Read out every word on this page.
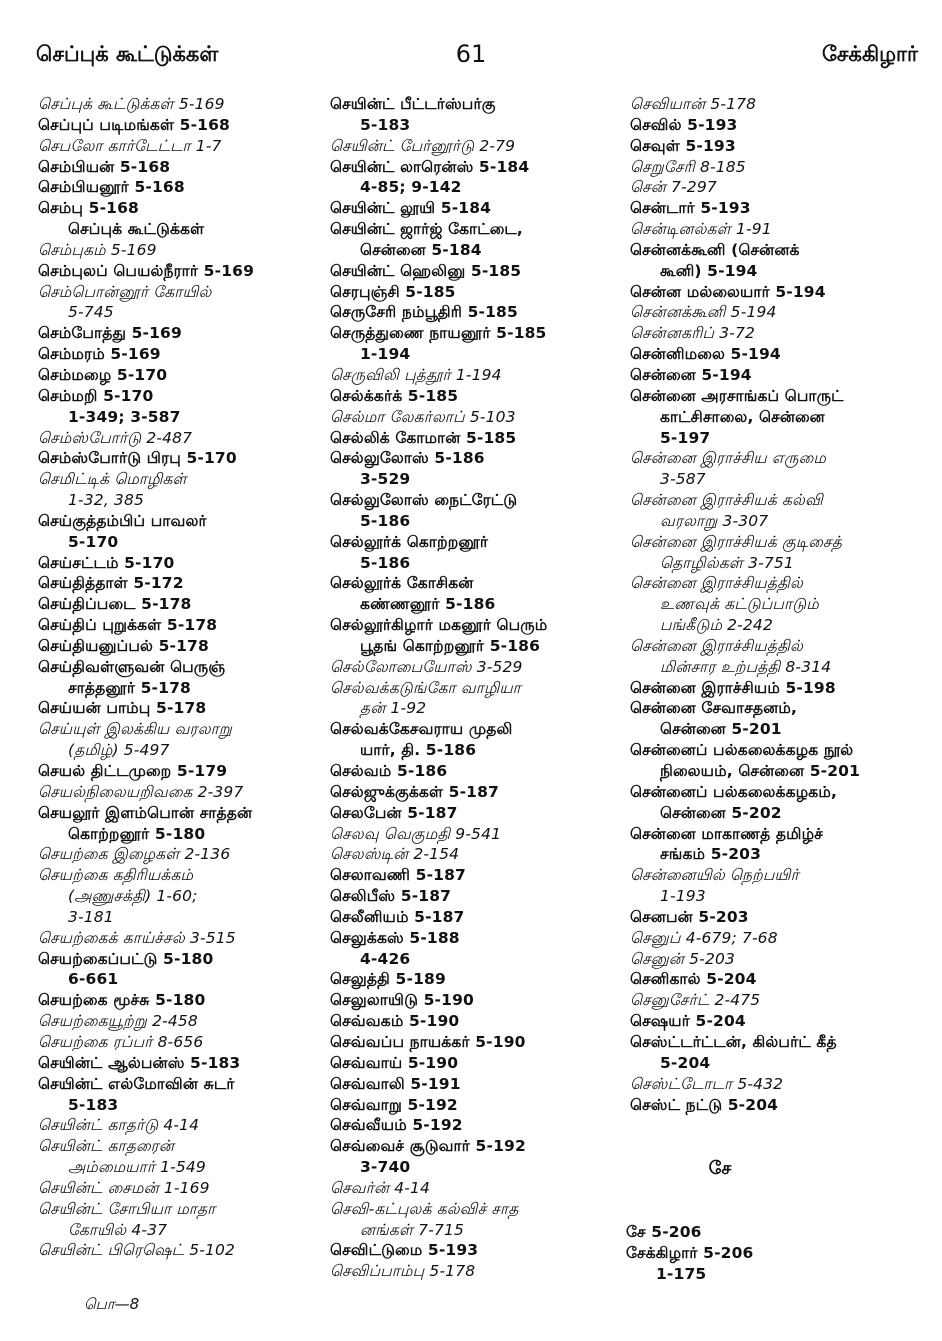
செப்புக் கூட்டுக்கள்	61	சேக்கிழார்
செப்புக் கூட்டுக்கள் 5-169
செப்புப் படிமங்கள் 5-168
செபலோ கார்டேட்டா 1-7
செம்பியன் 5-168
செம்பியனூர் 5-168
செம்பு 5-168
செப்புக் கூட்டுக்கள்
செம்புகம் 5-169
செம்புலப் பெயல்நீரார் 5-169
செம்பொன்னூர் கோயில்
5-745
செம்போத்து 5-169
செம்மரம் 5-169
செம்மழை 5-170
செம்மறி 5-170
1-349; 3-587
செம்ஸ்போர்டு 2-487
செம்ஸ்போர்டு பிரபு 5-170
செமிட்டிக் மொழிகள்
1-32, 385
செய்குத்தம்பிப் பாவலர்
5-170
செய்சட்டம் 5-170
செய்தித்தாள் 5-172
செய்திப்படை 5-178
செய்திப் புறுக்கள் 5-178
செய்தியனுப்பல் 5-178
செய்திவள்ளுவன் பெருஞ்
சாத்தனூர் 5-178
செய்யன் பாம்பு 5-178
செய்யுள் இலக்கிய வரலாறு
(தமிழ்) 5-497
செயல் திட்டமுறை 5-179
செயல்நிலையறிவகை 2-397
செயலூர் இளம்பொன் சாத்தன்
கொற்றனூர் 5-180
செயற்கை இழைகள் 2-136
செயற்கை கதிரியக்கம்
(அணுசக்தி) 1-60;
3-181
செயற்கைக் காய்ச்சல் 3-515
செயற்கைப்பட்டு 5-180
6-661
செயற்கை மூச்சு 5-180
செயற்கையூற்று 2-458
செயற்கை ரப்பர் 8-656
செயின்ட் ஆல்பன்ஸ் 5-183
செயின்ட் எல்மோவின் சுடர்
5-183
செயின்ட் காதர்டு 4-14
செயின்ட் காதரைன்
அம்மையார் 1-549
செயின்ட் சைமன் 1-169
செயின்ட் சோபியா மாதா
கோயில் 4-37
செயின்ட் பிரெஷெட் 5-102
செயின்ட் பீட்டர்ஸ்பர்கு
5-183
செயின்ட் பேர்னூர்டு 2-79
செயின்ட் லாரென்ஸ் 5-184
4-85; 9-142
செயின்ட் லூயி 5-184
செயின்ட் ஜார்ஜ் கோட்டை,
சென்னை 5-184
செயின்ட் ஹெலினு 5-185
செரபுஞ்சி 5-185
செருசேரி நம்பூதிரி 5-185
செருத்துணை நாயனூர் 5-185
1-194
செருவிலி புத்தூர் 1-194
செல்க்கர்க் 5-185
செல்மா லேகர்லாப் 5-103
செல்லிக் கோமான் 5-185
செல்லுலோஸ் 5-186
3-529
செல்லுலோஸ் நைட்ரேட்டு
5-186
செல்லூர்க் கொற்றனூர்
5-186
செல்லூர்க் கோசிகன்
கண்ணனூர் 5-186
செல்லூர்கிழார் மகனூர் பெரும்
பூதங் கொற்றனூர் 5-186
செல்லோபையோஸ் 3-529
செல்வக்கடுங்கோ வாழியா
தன் 1-92
செல்வக்கேசவராய முதலி
யார், தி. 5-186
செல்வம் 5-186
செல்ஜுக்குக்கள் 5-187
செலபேன் 5-187
செலவு வெகுமதி 9-541
செலஸ்டின் 2-154
செலாவணி 5-187
செலிபீஸ் 5-187
செலீனியம் 5-187
செலுக்கஸ் 5-188
4-426
செலுத்தி 5-189
செலுலாயிடு 5-190
செவ்வகம் 5-190
செவ்வப்ப நாயக்கர் 5-190
செவ்வாய் 5-190
செவ்வாலி 5-191
செவ்வாறு 5-192
செவ்வீயம் 5-192
செவ்வைச் சூடுவார் 5-192
3-740
செவர்ன் 4-14
செவி-கட்புலக் கல்விச் சாத
னங்கள் 7-715
செவிட்டுமை 5-193
செவிப்பாம்பு 5-178
செவியான் 5-178
செவில் 5-193
செவுள் 5-193
செறுசேரி 8-185
சென் 7-297
சென்டார் 5-193
சென்டினல்கள் 1-91
சென்னக்கூனி (சென்னக்
கூனி) 5-194
சென்ன மல்லையார் 5-194
சென்னக்கூனி 5-194
சென்னகரிப் 3-72
சென்னிமலை 5-194
சென்னை 5-194
சென்னை அரசாங்கப் பொருட்
காட்சிசாலை, சென்னை
5-197
சென்னை இராச்சிய எருமை
3-587
சென்னை இராச்சியக் கல்வி
வரலாறு 3-307
சென்னை இராச்சியக் குடிசைத்
தொழில்கள் 3-751
சென்னை இராச்சியத்தில்
உணவுக் கட்டுப்பாடும்
பங்கீடும் 2-242
சென்னை இராச்சியத்தில்
மின்சார உற்பத்தி 8-314
சென்னை இராச்சியம் 5-198
சென்னை சேவாசதனம்,
சென்னை 5-201
சென்னைப் பல்கலைக்கழக நூல்
நிலையம், சென்னை 5-201
சென்னைப் பல்கலைக்கழகம்,
சென்னை 5-202
சென்னை மாகாணத் தமிழ்ச்
சங்கம் 5-203
சென்னையில் நெற்பயிர்
1-193
செனபன் 5-203
செனுப் 4-679; 7-68
செனுன் 5-203
செனிகால் 5-204
செனுசேர்ட் 2-475
செஷயர் 5-204
செஸ்ட்டர்ட்டன், கில்பர்ட் கீத்
5-204
செஸ்ட்டோடா 5-432
செஸ்ட் நட்டு 5-204
சே
சே 5-206
சேக்கிழார் 5-206
1-175
பொ—8
